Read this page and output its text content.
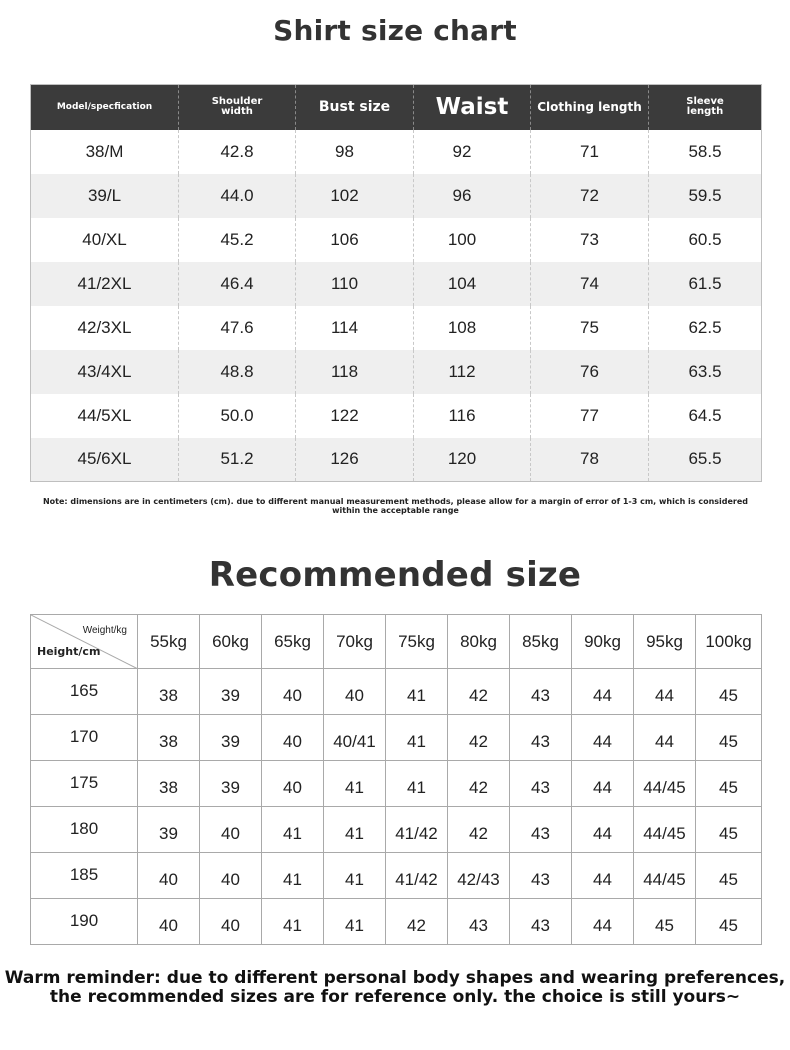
Shirt size chart
Model/specfication	Shoulder width	Bust size	Waist	Clothing length	Sleeve length
38/M	42.8	98	92	71	58.5
39/L	44.0	102	96	72	59.5
40/XL	45.2	106	100	73	60.5
41/2XL	46.4	110	104	74	61.5
42/3XL	47.6	114	108	75	62.5
43/4XL	48.8	118	112	76	63.5
44/5XL	50.0	122	116	77	64.5
45/6XL	51.2	126	120	78	65.5
Note: dimensions are in centimeters (cm). due to different manual measurement methods, please allow for a margin of error of 1-3 cm, which is considered within the acceptable range
Recommended size
Weight/kg
Height/cm	55kg	60kg	65kg	70kg	75kg	80kg	85kg	90kg	95kg	100kg
165	38	39	40	40	41	42	43	44	44	45
170	38	39	40	40/41	41	42	43	44	44	45
175	38	39	40	41	41	42	43	44	44/45	45
180	39	40	41	41	41/42	42	43	44	44/45	45
185	40	40	41	41	41/42	42/43	43	44	44/45	45
190	40	40	41	41	42	43	43	44	45	45
Warm reminder: due to different personal body shapes and wearing preferences,
the recommended sizes are for reference only. the choice is still yours~
